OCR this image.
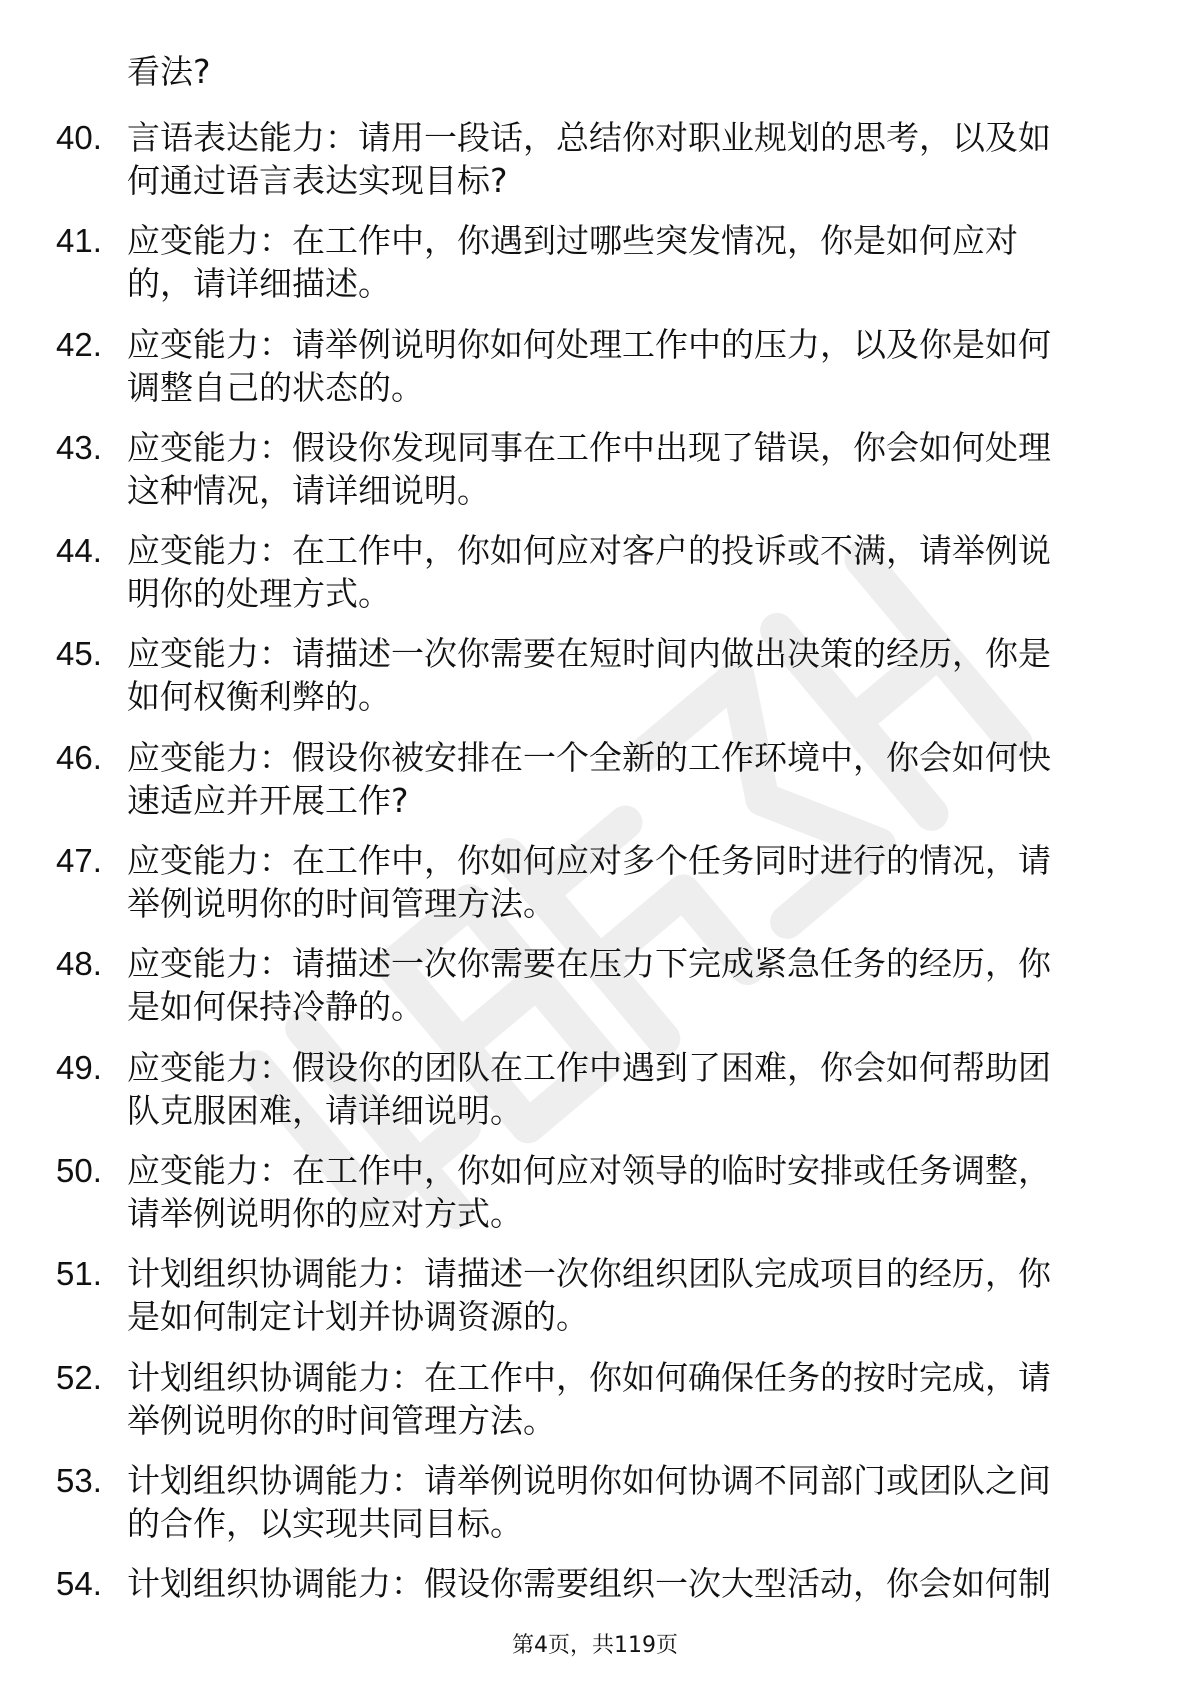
看法?

40. 言语表达能力：请用一段话，总结你对职业规划的思考，以及如
何通过语言表达实现目标?
41. 应变能力：在工作中，你遇到过哪些突发情况，你是如何应对
的，请详细描述。
42. 应变能力：请举例说明你如何处理工作中的压力，以及你是如何
调整自己的状态的。
43. 应变能力：假设你发现同事在工作中出现了错误，你会如何处理
这种情况，请详细说明。
44. 应变能力：在工作中，你如何应对客户的投诉或不满，请举例说
明你的处理方式。
45. 应变能力：请描述一次你需要在短时间内做出决策的经历，你是
如何权衡利弊的。
46. 应变能力：假设你被安排在一个全新的工作环境中，你会如何快
速适应并开展工作?
47. 应变能力：在工作中，你如何应对多个任务同时进行的情况，请
举例说明你的时间管理方法。
48. 应变能力：请描述一次你需要在压力下完成紧急任务的经历，你
是如何保持冷静的。
49. 应变能力：假设你的团队在工作中遇到了困难，你会如何帮助团
队克服困难，请详细说明。
50. 应变能力：在工作中，你如何应对领导的临时安排或任务调整，
请举例说明你的应对方式。
51. 计划组织协调能力：请描述一次你组织团队完成项目的经历，你
是如何制定计划并协调资源的。
52. 计划组织协调能力：在工作中，你如何确保任务的按时完成，请
举例说明你的时间管理方法。
53. 计划组织协调能力：请举例说明你如何协调不同部门或团队之间
的合作，以实现共同目标。
54. 计划组织协调能力：假设你需要组织一次大型活动，你会如何制
第4页，共119页
